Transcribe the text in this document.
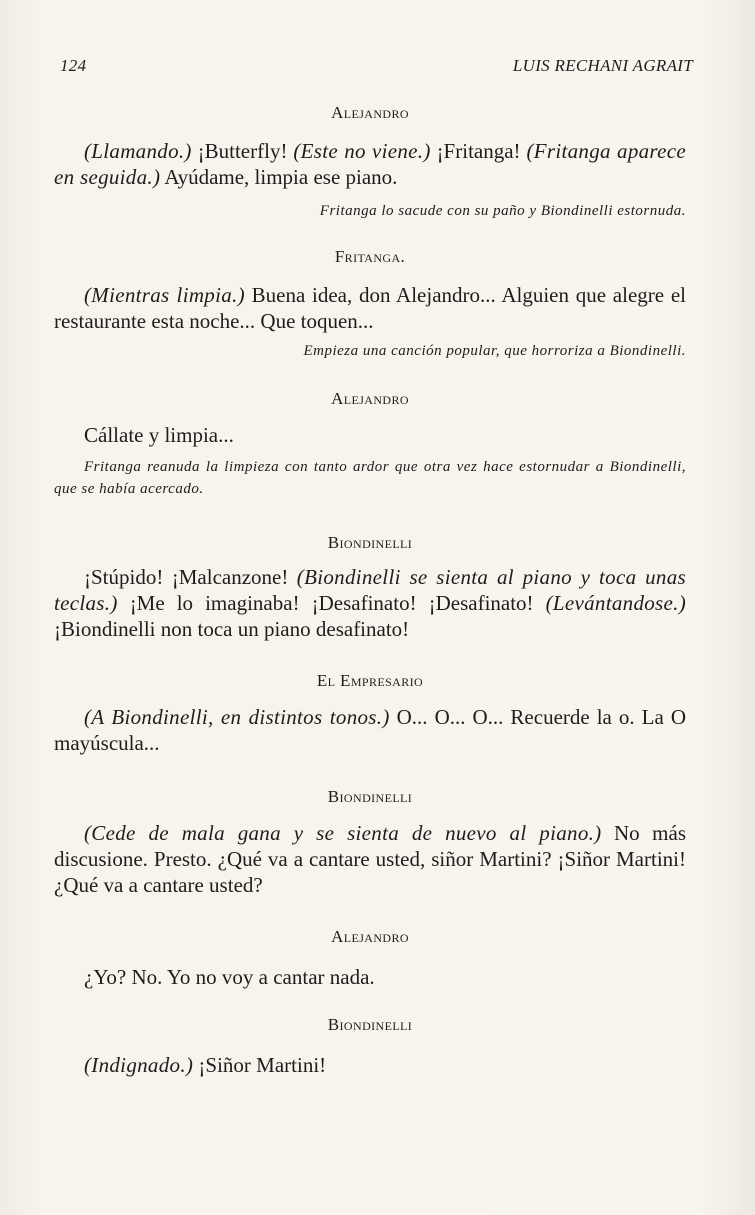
124	LUIS RECHANI AGRAIT

Alejandro

(Llamando.) ¡Butterfly! (Este no viene.) ¡Fritanga! (Fritanga aparece en seguida.) Ayúdame, limpia ese piano.

Fritanga lo sacude con su paño y Biondinelli estornuda.

Fritanga.

(Mientras limpia.) Buena idea, don Alejandro... Alguien que alegre el restaurante esta noche... Que toquen...

Empieza una canción popular, que horroriza a Biondinelli.

Alejandro

Cállate y limpia...

Fritanga reanuda la limpieza con tanto ardor que otra vez hace estornudar a Biondinelli, que se había acercado.

Biondinelli

¡Stúpido! ¡Malcanzone! (Biondinelli se sienta al piano y toca unas teclas.) ¡Me lo imaginaba! ¡Desafinato! ¡Desafinato! (Levántandose.) ¡Biondinelli non toca un piano desafinato!

El Empresario

(A Biondinelli, en distintos tonos.) O... O... O... Recuerde la o. La O mayúscula...

Biondinelli

(Cede de mala gana y se sienta de nuevo al piano.) No más discusione. Presto. ¿Qué va a cantare usted, siñor Martini? ¡Siñor Martini! ¿Qué va a cantare usted?

Alejandro

¿Yo? No. Yo no voy a cantar nada.

Biondinelli

(Indignado.) ¡Siñor Martini!
